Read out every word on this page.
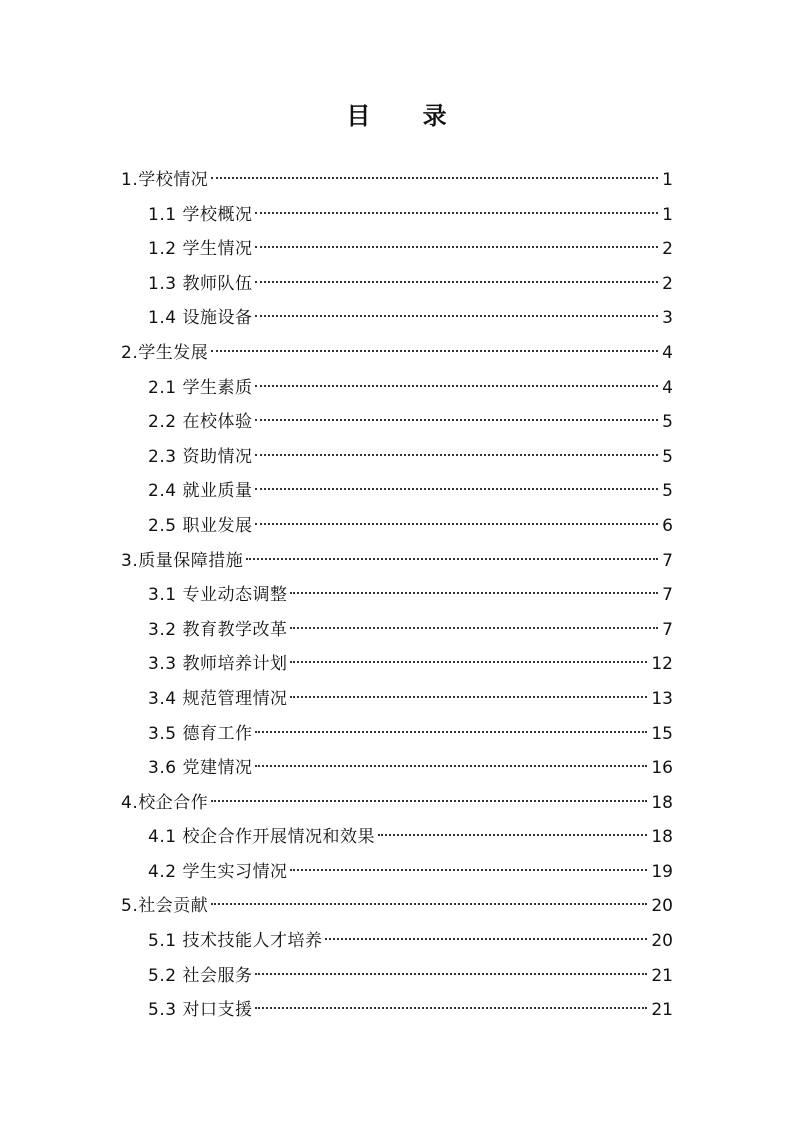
目 录
1.学校情况	1
1.1 学校概况	1
1.2 学生情况	2
1.3 教师队伍	2
1.4 设施设备	3
2.学生发展	4
2.1 学生素质	4
2.2 在校体验	5
2.3 资助情况	5
2.4 就业质量	5
2.5 职业发展	6
3.质量保障措施	7
3.1 专业动态调整	7
3.2 教育教学改革	7
3.3 教师培养计划	12
3.4 规范管理情况	13
3.5 德育工作	15
3.6 党建情况	16
4.校企合作	18
4.1 校企合作开展情况和效果	18
4.2 学生实习情况	19
5.社会贡献	20
5.1 技术技能人才培养	20
5.2 社会服务	21
5.3 对口支援	21
